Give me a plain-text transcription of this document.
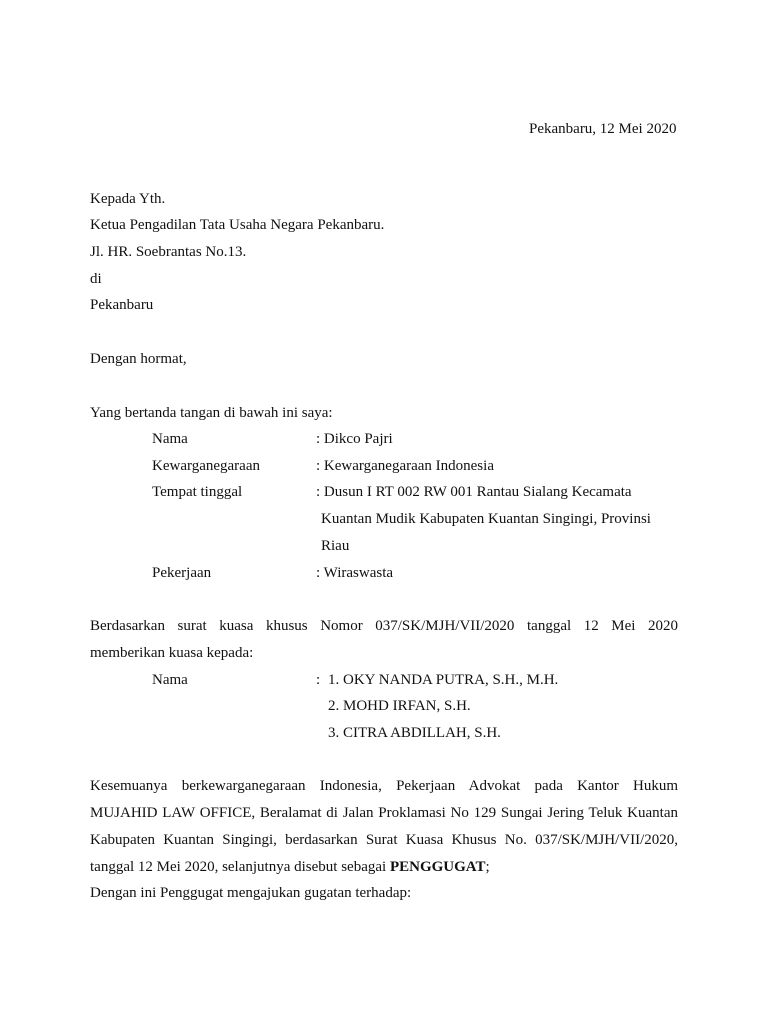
Pekanbaru, 12 Mei 2020
Kepada Yth.
Ketua Pengadilan Tata Usaha Negara Pekanbaru.
Jl. HR. Soebrantas No.13.
di
Pekanbaru
Dengan hormat,
Yang bertanda tangan di bawah ini saya:
Nama	: Dikco Pajri
Kewarganegaraan	: Kewarganegaraan Indonesia
Tempat tinggal	: Dusun I RT 002 RW 001 Rantau Sialang Kecamata
Kuantan Mudik Kabupaten Kuantan Singingi, Provinsi
Riau
Pekerjaan	: Wiraswasta
Berdasarkan surat kuasa khusus Nomor 037/SK/MJH/VII/2020 tanggal 12 Mei 2020
memberikan kuasa kepada:
Nama	: 1. OKY NANDA PUTRA, S.H., M.H.
2. MOHD IRFAN, S.H.
3. CITRA ABDILLAH, S.H.
Kesemuanya berkewarganegaraan Indonesia, Pekerjaan Advokat pada Kantor Hukum
MUJAHID LAW OFFICE, Beralamat di Jalan Proklamasi No 129 Sungai Jering Teluk Kuantan
Kabupaten Kuantan Singingi, berdasarkan Surat Kuasa Khusus No. 037/SK/MJH/VII/2020,
tanggal 12 Mei 2020, selanjutnya disebut sebagai PENGGUGAT;
Dengan ini Penggugat mengajukan gugatan terhadap:
